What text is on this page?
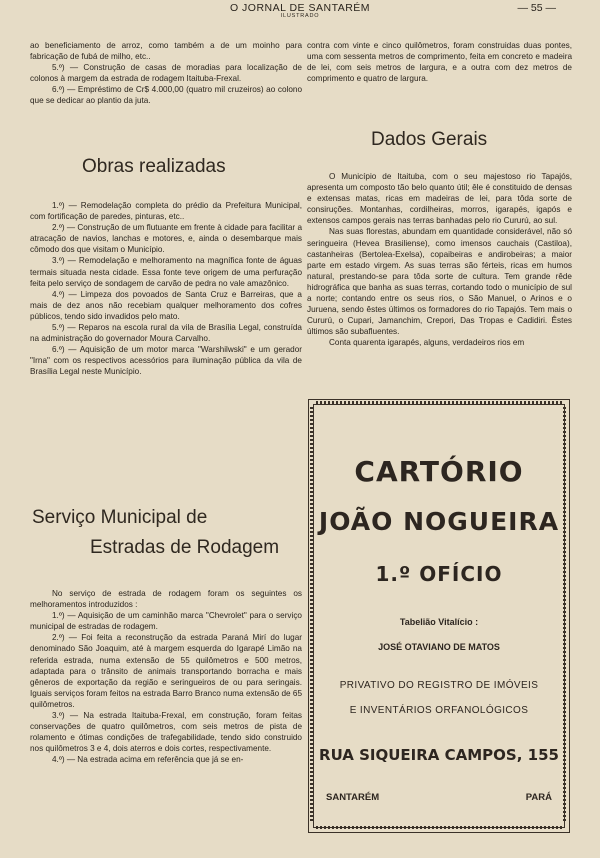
O JORNAL DE SANTARÉM
ILUSTRADO
— 55 —

ao beneficiamento de arroz, como também a de um moinho para fabricação de fubá de milho, etc..

5.º) — Construção de casas de moradias para localização de colonos à margem da estrada de rodagem Itaituba-Frexal.

6.º) — Empréstimo de Cr$ 4.000,00 (quatro mil cruzeiros) ao colono que se dedicar ao plantio da juta.

Obras realizadas

1.º) — Remodelação completa do prédio da Prefeitura Municipal, com fortificação de paredes, pinturas, etc..

2.º) — Construção de um flutuante em frente à cidade para facilitar a atracação de navios, lanchas e motores, e, ainda o desembarque mais cômodo dos que visitam o Município.

3.º) — Remodelação e melhoramento na magnífica fonte de águas termais situada nesta cidade. Essa fonte teve origem de uma perfuração feita pelo serviço de sondagem de carvão de pedra no vale amazônico.

4.º) — Limpeza dos povoados de Santa Cruz e Barreiras, que a mais de dez anos não recebiam qualquer melhoramento dos cofres públicos, tendo sido invadidos pelo mato.

5.º) — Reparos na escola rural da vila de Brasília Legal, construída na administração do governador Moura Carvalho.

6.º) — Aquisição de um motor marca "Warshilwski" e um gerador "Irna" com os respectivos acessórios para iluminação pública da vila de Brasília Legal neste Município.

Serviço Municipal de
Estradas de Rodagem

No serviço de estrada de rodagem foram os seguintes os melhoramentos introduzidos :

1.º) — Aquisição de um caminhão marca "Chevrolet" para o serviço municipal de estradas de rodagem.

2.º) — Foi feita a reconstrução da estrada Paraná Mirí do lugar denominado São Joaquim, até à margem esquerda do Igarapé Limão na referida estrada, numa extensão de 55 quilômetros e 500 metros, adaptada para o trânsito de animais transportando borracha e mais gêneros de exportação da região e seringueiros de ou para seringais. Iguais serviços foram feitos na estrada Barro Branco numa extensão de 65 quilômetros.

3.º) — Na estrada Itaituba-Frexal, em construção, foram feitas conservações de quatro quilômetros, com seis metros de pista de rolamento e ótimas condições de trafegabilidade, tendo sido construido nos quilômetros 3 e 4, dois aterros e dois cortes, respectivamente.

4.º) — Na estrada acima em referência que já se en-

contra com vinte e cinco quilômetros, foram construidas duas pontes, uma com sessenta metros de comprimento, feita em concreto e madeira de lei, com seis metros de largura, e a outra com dez metros de comprimento e quatro de largura.

Dados Gerais

O Município de Itaituba, com o seu majestoso rio Tapajós, apresenta um composto tão belo quanto útil; êle é constituido de densas e extensas matas, ricas em madeiras de lei, para tôda sorte de consiruções. Montanhas, cordilheiras, morros, igarapés, igapós e extensos campos gerais nas terras banhadas pelo rio Cururú, ao sul.

Nas suas florestas, abundam em quantidade considerável, não só seringueira (Hevea Brasiliense), como imensos cauchais (Castiloa), castanheiras (Bertolea-Exelsa), copaibeiras e andirobeiras; a maior parte em estado virgem. As suas terras são férteis, ricas em humos natural, prestando-se para tôda sorte de cultura. Tem grande rêde hidrográfica que banha as suas terras, cortando todo o município de sul a norte; contando entre os seus rios, o São Manuel, o Arinos e o Juruena, sendo êstes últimos os formadores do rio Tapajós. Tem mais o Cururú, o Cupari, Jamanchim, Crepori, Das Tropas e Cadidiri. Êstes últimos são subafluentes.

Conta quarenta igarapés, alguns, verdadeiros rios em

CARTÓRIO
JOÃO NOGUEIRA
1.º OFÍCIO
Tabelião Vitalício :
JOSÉ OTAVIANO DE MATOS
PRIVATIVO DO REGISTRO DE IMÓVEIS
E INVENTÁRIOS ORFANOLÓGICOS
RUA SIQUEIRA CAMPOS, 155
SANTARÉM	PARÁ
